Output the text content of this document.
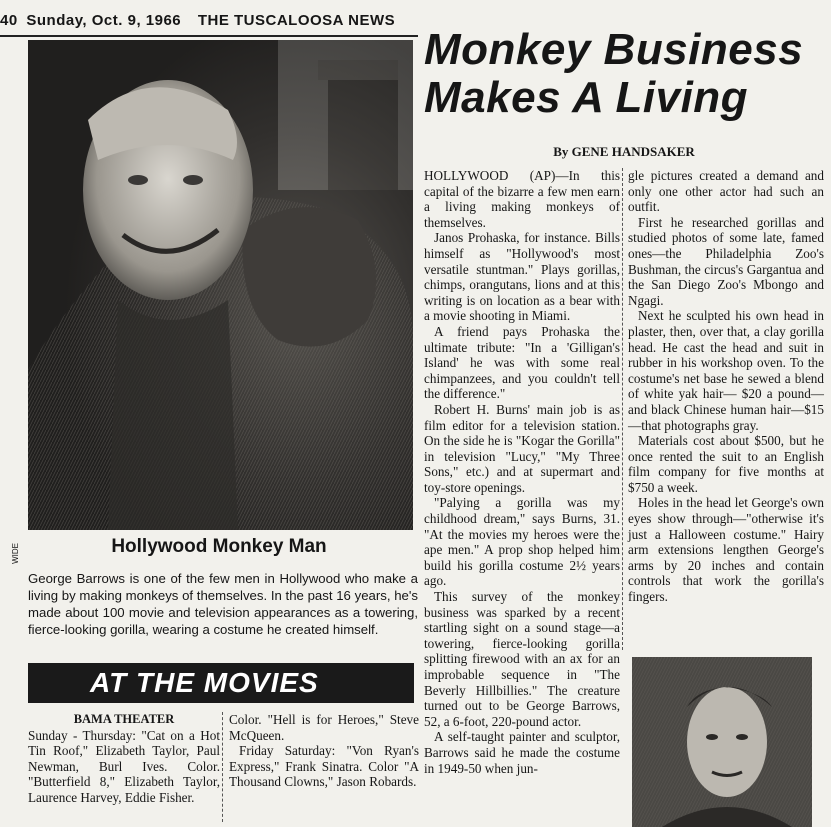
40 Sunday, Oct. 9, 1966 THE TUSCALOOSA NEWS
WIDE	Hollywood Monkey Man
George Barrows is one of the few men in Hollywood who make a living by making monkeys of themselves. In the past 16 years, he's made about 100 movie and television appearances as a towering, fierce-looking gorilla, wearing a costume he created himself.
AT THE MOVIES

BAMA THEATER

Sunday - Thursday: "Cat on a Hot Tin Roof," Elizabeth Taylor, Paul Newman, Burl Ives. Color. "Butterfield 8," Elizabeth Taylor, Laurence Harvey, Eddie Fisher.

Color. "Hell is for Heroes," Steve McQueen.

Friday Saturday: "Von Ryan's Express," Frank Sinatra. Color "A Thousand Clowns," Jason Robards.

Monkey Business
Makes A Living
By GENE HANDSAKER

HOLLYWOOD (AP)—In this capital of the bizarre a few men earn a living making monkeys of themselves.

Janos Prohaska, for instance. Bills himself as "Hollywood's most versatile stuntman." Plays gorillas, chimps, orangutans, lions and at this writing is on location as a bear with a movie shooting in Miami.

A friend pays Prohaska the ultimate tribute: "In a 'Gilligan's Island' he was with some real chimpanzees, and you couldn't tell the difference."

Robert H. Burns' main job is as film editor for a television station. On the side he is "Kogar the Gorilla" in television "Lucy," "My Three Sons," etc.) and at supermart and toy-store openings.

"Palying a gorilla was my childhood dream," says Burns, 31. "At the movies my heroes were the ape men." A prop shop helped him build his gorilla costume 2½ years ago.

This survey of the monkey business was sparked by a recent startling sight on a sound stage—a towering, fierce-looking gorilla splitting firewood with an ax for an improbable sequence in "The Beverly Hillbillies." The creature turned out to be George Barrows, 52, a 6-foot, 220-pound actor.

A self-taught painter and sculptor, Barrows said he made the costume in 1949-50 when jun-

gle pictures created a demand and only one other actor had such an outfit.

First he researched gorillas and studied photos of some late, famed ones—the Philadelphia Zoo's Bushman, the circus's Gargantua and the San Diego Zoo's Mbongo and Ngagi.

Next he sculpted his own head in plaster, then, over that, a clay gorilla head. He cast the head and suit in rubber in his workshop oven. To the costume's net base he sewed a blend of white yak hair— $20 a pound—and black Chinese human hair—$15—that photographs gray.

Materials cost about $500, but he once rented the suit to an English film company for five months at $750 a week.

Holes in the head let George's own eyes show through—"otherwise it's just a Halloween costume." Hairy arm extensions lengthen George's arms by 20 inches and contain controls that work the gorilla's fingers.
